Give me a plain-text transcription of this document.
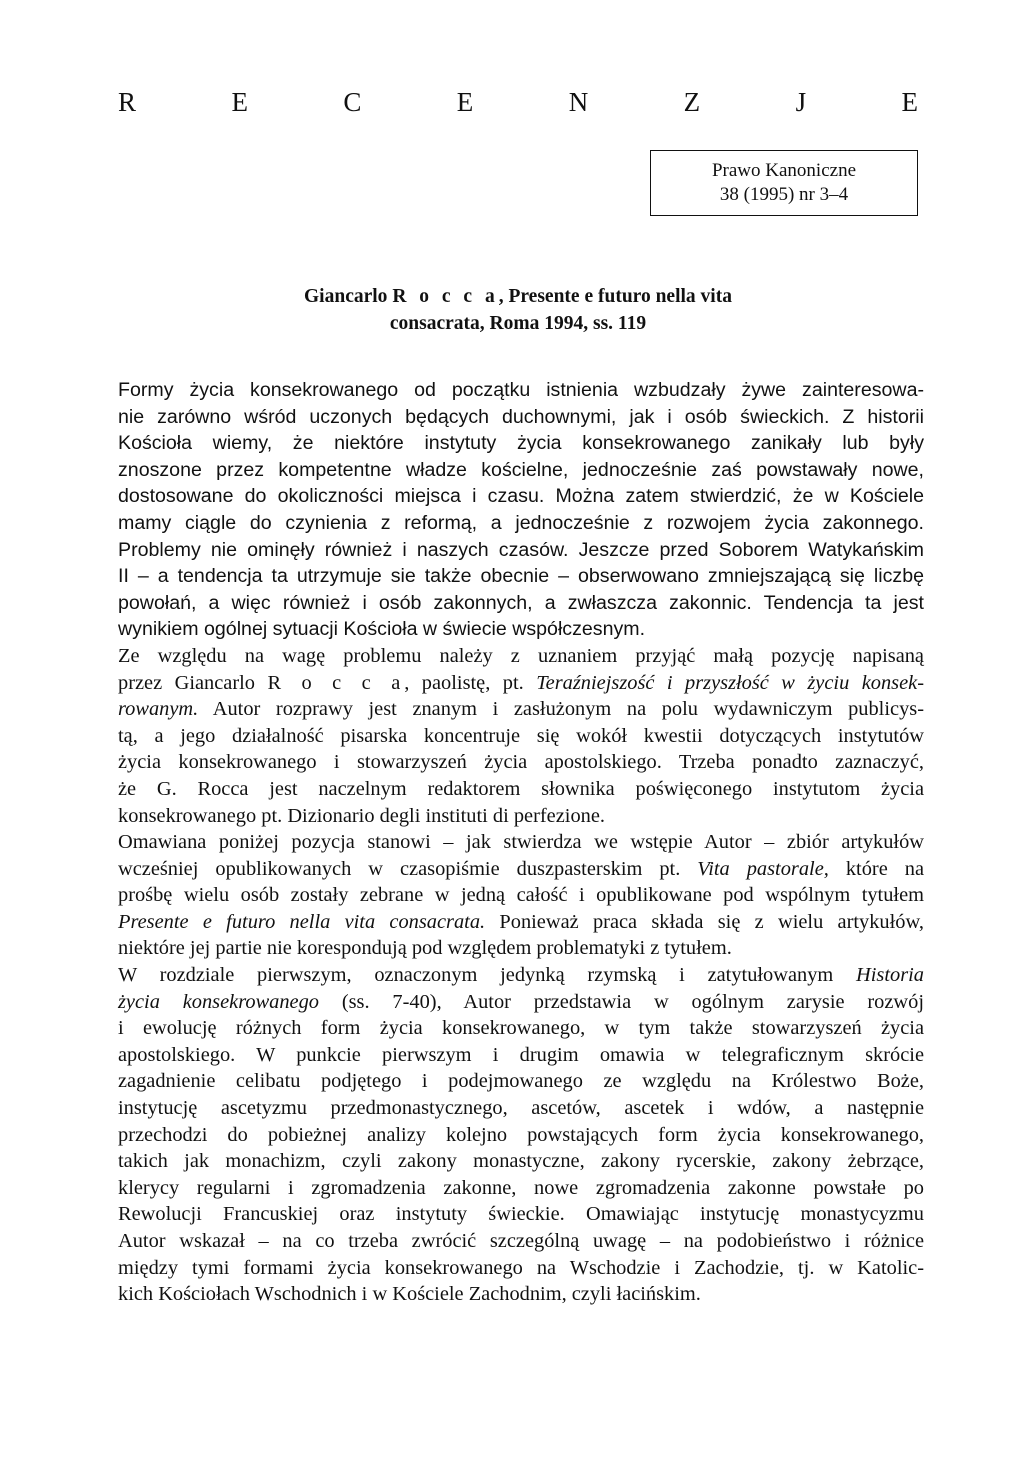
R	E	C	E	N	Z	J	E
Prawo Kanoniczne
38 (1995) nr 3–4
Giancarlo R o c c a, Presente e futuro nella vita
consacrata, Roma 1994, ss. 119
Formy życia konsekrowanego od początku istnienia wzbudzały żywe zainteresowa-
nie zarówno wśród uczonych będących duchownymi, jak i osób świeckich. Z historii
Kościoła wiemy, że niektóre instytuty życia konsekrowanego zanikały lub były
znoszone przez kompetentne władze kościelne, jednocześnie zaś powstawały nowe,
dostosowane do okoliczności miejsca i czasu. Można zatem stwierdzić, że w Kościele
mamy ciągle do czynienia z reformą, a jednocześnie z rozwojem życia zakonnego.
Problemy nie ominęły również i naszych czasów. Jeszcze przed Soborem Watykańskim
II – a tendencja ta utrzymuje sie także obecnie – obserwowano zmniejszającą się liczbę
powołań, a więc również i osób zakonnych, a zwłaszcza zakonnic. Tendencja ta jest
wynikiem ogólnej sytuacji Kościoła w świecie współczesnym.
Ze względu na wagę problemu należy z uznaniem przyjąć małą pozycję napisaną
przez Giancarlo R o c c a, paolistę, pt. Teraźniejszość i przyszłość w życiu konsek-
rowanym. Autor rozprawy jest znanym i zasłużonym na polu wydawniczym publicys-
tą, a jego działalność pisarska koncentruje się wokół kwestii dotyczących instytutów
życia konsekrowanego i stowarzyszeń życia apostolskiego. Trzeba ponadto zaznaczyć,
że G. Rocca jest naczelnym redaktorem słownika poświęconego instytutom życia
konsekrowanego pt. Dizionario degli instituti di perfezione.
Omawiana poniżej pozycja stanowi – jak stwierdza we wstępie Autor – zbiór artykułów
wcześniej opublikowanych w czasopiśmie duszpasterskim pt. Vita pastorale, które na
prośbę wielu osób zostały zebrane w jedną całość i opublikowane pod wspólnym tytułem
Presente e futuro nella vita consacrata. Ponieważ praca składa się z wielu artykułów,
niektóre jej partie nie korespondują pod względem problematyki z tytułem.
W rozdziale pierwszym, oznaczonym jedynką rzymską i zatytułowanym Historia
życia konsekrowanego (ss. 7-40), Autor przedstawia w ogólnym zarysie rozwój
i ewolucję różnych form życia konsekrowanego, w tym także stowarzyszeń życia
apostolskiego. W punkcie pierwszym i drugim omawia w telegraficznym skrócie
zagadnienie celibatu podjętego i podejmowanego ze względu na Królestwo Boże,
instytucję ascetyzmu przedmonastycznego, ascetów, ascetek i wdów, a następnie
przechodzi do pobieżnej analizy kolejno powstających form życia konsekrowanego,
takich jak monachizm, czyli zakony monastyczne, zakony rycerskie, zakony żebrzące,
klerycy regularni i zgromadzenia zakonne, nowe zgromadzenia zakonne powstałe po
Rewolucji Francuskiej oraz instytuty świeckie. Omawiając instytucję monastycyzmu
Autor wskazał – na co trzeba zwrócić szczególną uwagę – na podobieństwo i różnice
między tymi formami życia konsekrowanego na Wschodzie i Zachodzie, tj. w Katolic-
kich Kościołach Wschodnich i w Kościele Zachodnim, czyli łacińskim.
